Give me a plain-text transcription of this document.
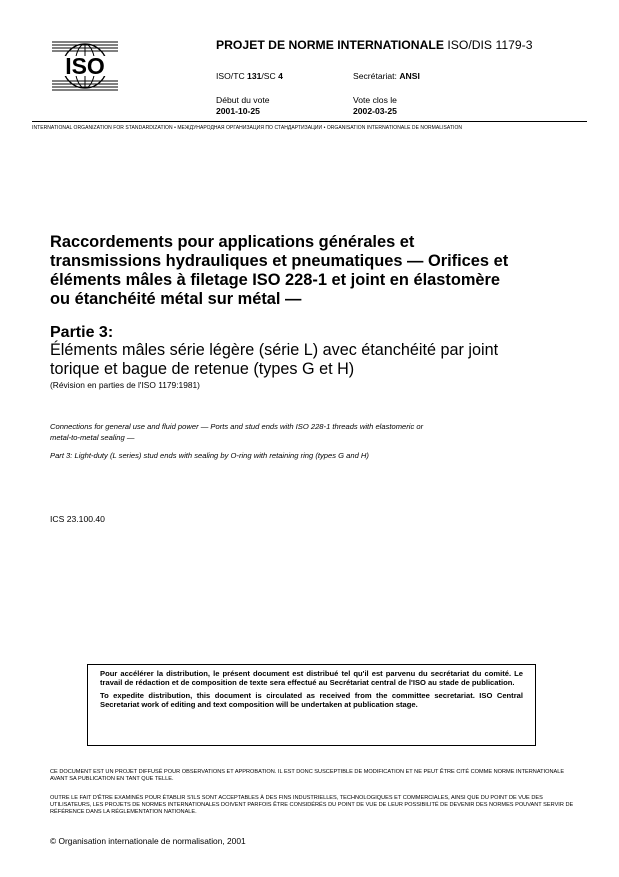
ISO
PROJET DE NORME INTERNATIONALE ISO/DIS 1179-3
ISO/TC 131/SC 4	Secrétariat: ANSI
Début du vote
2001-10-25
Vote clos le
2002-03-25
INTERNATIONAL ORGANIZATION FOR STANDARDIZATION • МЕЖДУНАРОДНАЯ ОРГАНИЗАЦИЯ ПО СТАНДАРТИЗАЦИИ • ORGANISATION INTERNATIONALE DE NORMALISATION
Raccordements pour applications générales et
transmissions hydrauliques et pneumatiques — Orifices et
éléments mâles à filetage ISO 228-1 et joint en élastomère
ou étanchéité métal sur métal —
Partie 3:
Éléments mâles série légère (série L) avec étanchéité par joint
torique et bague de retenue (types G et H)
(Révision en parties de l'ISO 1179:1981)
Connections for general use and fluid power — Ports and stud ends with ISO 228-1 threads with elastomeric or
metal-to-metal sealing —
Part 3: Light-duty (L series) stud ends with sealing by O-ring with retaining ring (types G and H)
ICS 23.100.40

Pour accélérer la distribution, le présent document est distribué tel qu'il est parvenu du secrétariat du comité. Le travail de rédaction et de composition de texte sera effectué au Secrétariat central de l'ISO au stade de publication.

To expedite distribution, this document is circulated as received from the committee secretariat. ISO Central Secretariat work of editing and text composition will be undertaken at publication stage.

CE DOCUMENT EST UN PROJET DIFFUSÉ POUR OBSERVATIONS ET APPROBATION. IL EST DONC SUSCEPTIBLE DE MODIFICATION ET NE PEUT ÊTRE CITÉ COMME NORME INTERNATIONALE AVANT SA PUBLICATION EN TANT QUE TELLE.
OUTRE LE FAIT D'ÊTRE EXAMINÉS POUR ÉTABLIR S'ILS SONT ACCEPTABLES À DES FINS INDUSTRIELLES, TECHNOLOGIQUES ET COMMERCIALES, AINSI QUE DU POINT DE VUE DES UTILISATEURS, LES PROJETS DE NORMES INTERNATIONALES DOIVENT PARFOIS ÊTRE CONSIDÉRÉS DU POINT DE VUE DE LEUR POSSIBILITÉ DE DEVENIR DES NORMES POUVANT SERVIR DE RÉFÉRENCE DANS LA RÉGLEMENTATION NATIONALE.
© Organisation internationale de normalisation, 2001
